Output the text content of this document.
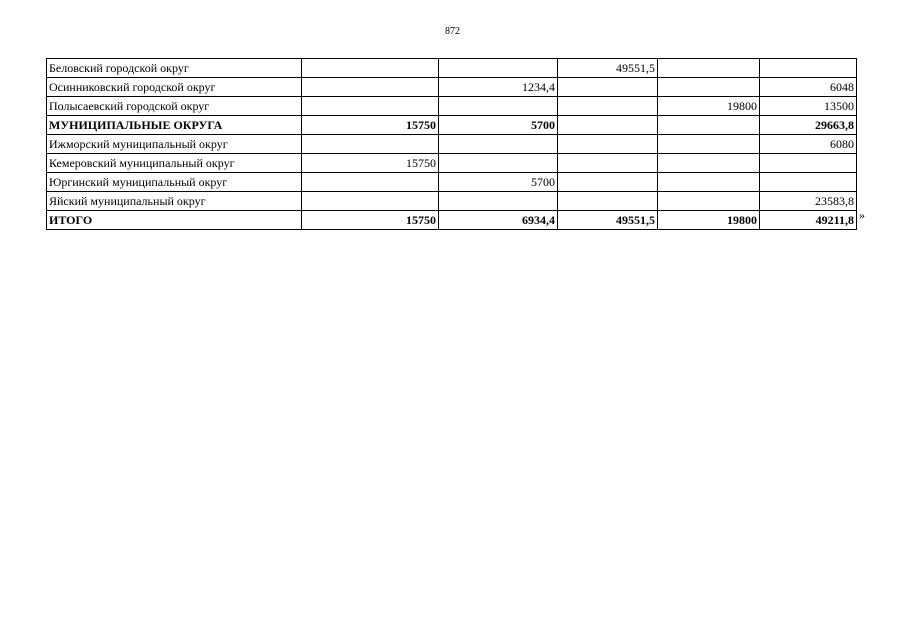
872
Беловский городской округ			49551,5		
Осинниковский городской округ		1234,4			6048
Полысаевский городской округ				19800	13500
МУНИЦИПАЛЬНЫЕ ОКРУГА	15750	5700			29663,8
Ижморский муниципальный округ					6080
Кемеровский муниципальный округ	15750				
Юргинский муниципальный округ		5700			
Яйский муниципальный округ					23583,8
ИТОГО	15750	6934,4	49551,5	19800	49211,8 »
